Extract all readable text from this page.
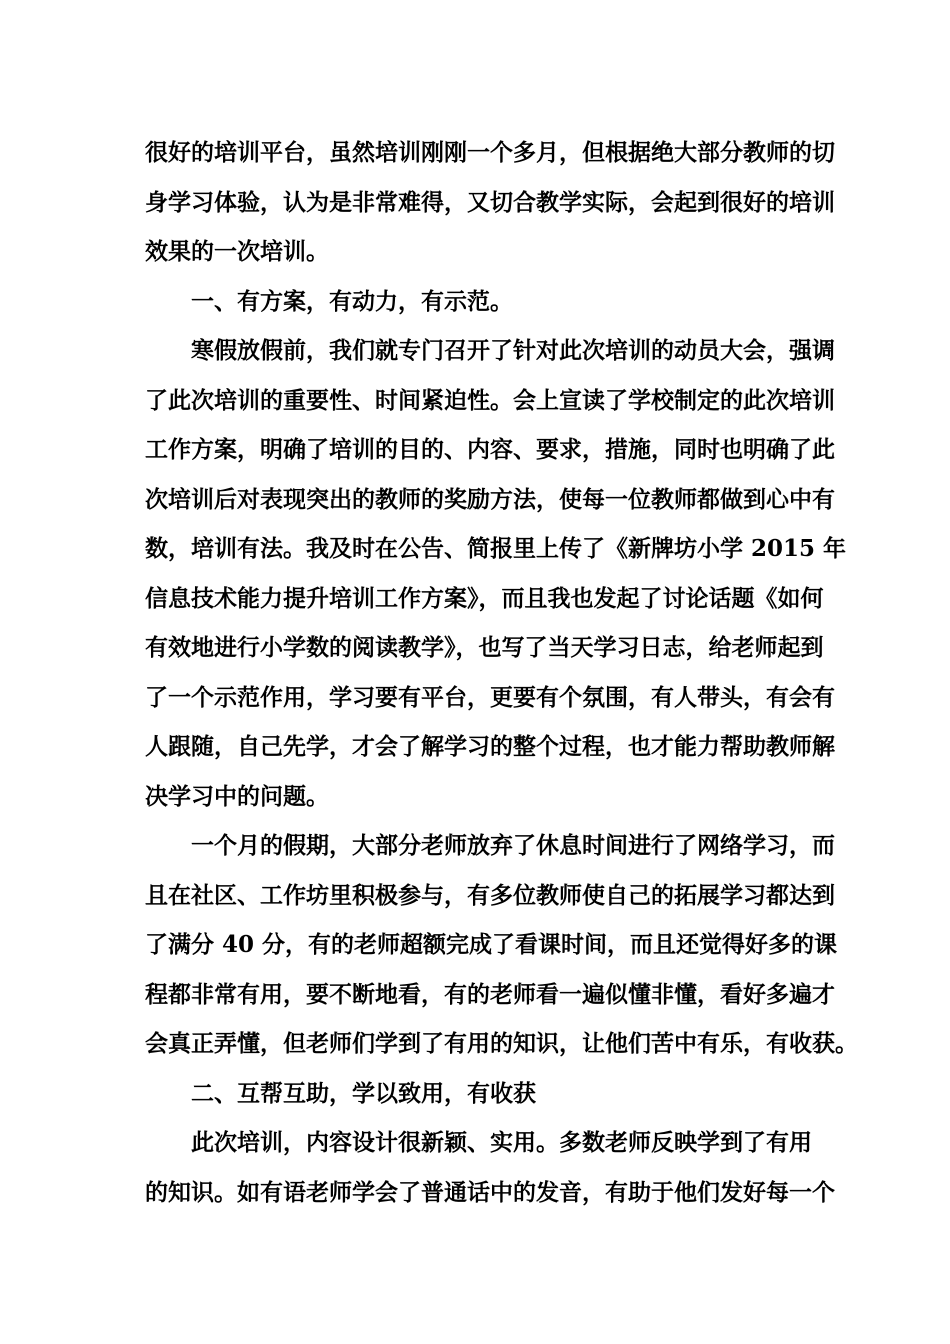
很好的培训平台，虽然培训刚刚一个多月，但根据绝大部分教师的切
身学习体验，认为是非常难得，又切合教学实际，会起到很好的培训
效果的一次培训。
一、有方案，有动力，有示范。
寒假放假前，我们就专门召开了针对此次培训的动员大会，强调
了此次培训的重要性、时间紧迫性。会上宣读了学校制定的此次培训
工作方案，明确了培训的目的、内容、要求，措施，同时也明确了此
次培训后对表现突出的教师的奖励方法，使每一位教师都做到心中有
数，培训有法。我及时在公告、简报里上传了《新牌坊小学 2015 年
信息技术能力提升培训工作方案》，而且我也发起了讨论话题《如何
有效地进行小学数的阅读教学》，也写了当天学习日志，给老师起到
了一个示范作用，学习要有平台，更要有个氛围，有人带头，有会有
人跟随，自己先学，才会了解学习的整个过程，也才能力帮助教师解
决学习中的问题。
一个月的假期，大部分老师放弃了休息时间进行了网络学习，而
且在社区、工作坊里积极参与，有多位教师使自己的拓展学习都达到
了满分 40 分，有的老师超额完成了看课时间，而且还觉得好多的课
程都非常有用，要不断地看，有的老师看一遍似懂非懂，看好多遍才
会真正弄懂，但老师们学到了有用的知识，让他们苦中有乐，有收获。
二、互帮互助，学以致用，有收获
此次培训，内容设计很新颖、实用。多数老师反映学到了有用
的知识。如有语老师学会了普通话中的发音，有助于他们发好每一个
